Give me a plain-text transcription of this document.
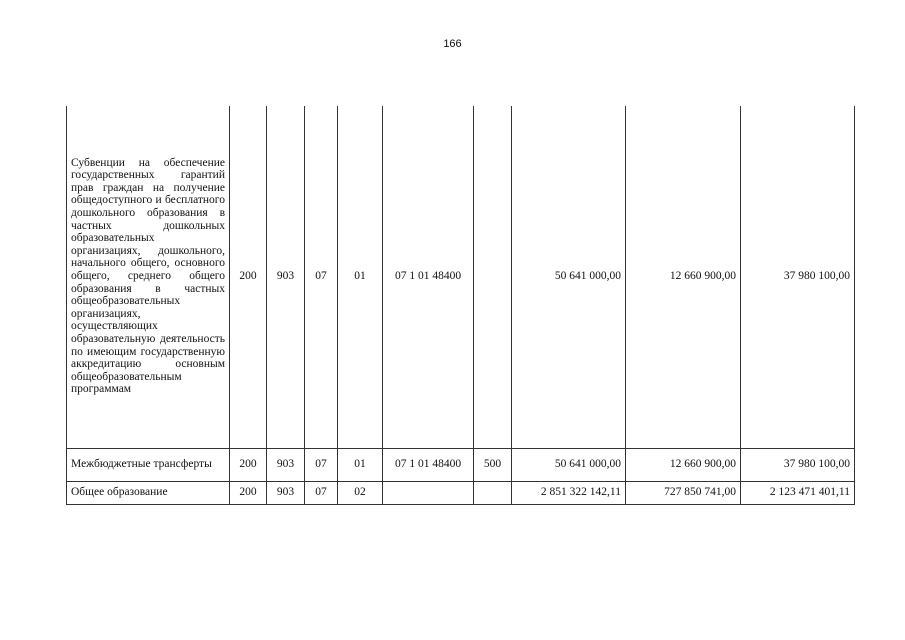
166
Субвенции на обеспечение государственных гарантий прав граждан на получение общедоступного и бесплатного дошкольного образования в частных дошкольных образовательных организациях, дошкольного, начального общего, основного общего, среднего общего образования в частных общеобразовательных организациях, осуществляющих образовательную деятельность по имеющим государственную аккредитацию основным общеобразовательным программам	200	903	07	01	07 1 01 48400		50 641 000,00	12 660 900,00	37 980 100,00
Межбюджетные трансферты	200	903	07	01	07 1 01 48400	500	50 641 000,00	12 660 900,00	37 980 100,00
Общее образование	200	903	07	02			2 851 322 142,11	727 850 741,00	2 123 471 401,11
